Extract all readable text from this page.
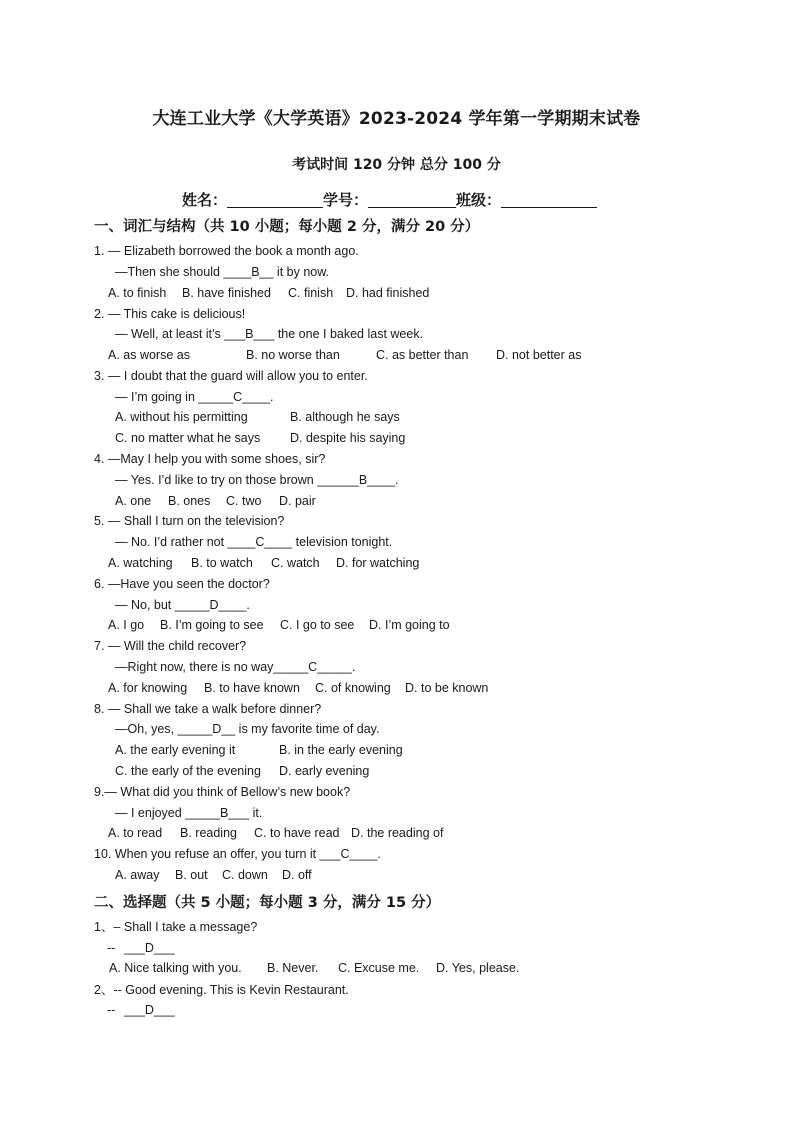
大连工业大学《大学英语》2023-2024 学年第一学期期末试卷
考试时间 120 分钟 总分 100 分
姓名：	学号：	班级：
一、词汇与结构（共 10 小题；每小题 2 分，满分 20 分）
1. — Elizabeth borrowed the book a month ago.
—Then she should ____B__ it by now.
A. to finish B. have finished C. finish D. had finished
2. — This cake is delicious!
— Well, at least it’s ___B___ the one I baked last week.
A. as worse as	B. no worse than	C. as better than D. not better as
3. — I doubt that the guard will allow you to enter.
— I’m going in _____C____.
A. without his permitting	B. although he says
C. no matter what he says D. despite his saying
4. —May I help you with some shoes, sir?
— Yes. I’d like to try on those brown ______B____.
A. one B. ones C. two D. pair
5. — Shall I turn on the television?
— No. I’d rather not ____C____ television tonight.
A. watching B. to watch C. watch D. for watching
6. —Have you seen the doctor?
— No, but _____D____.
A. I go B. I’m going to see C. I go to see D. I’m going to
7. — Will the child recover?
—Right now, there is no way_____C_____.
A. for knowing B. to have known C. of knowing D. to be known
8. — Shall we take a walk before dinner?
—Oh, yes, _____D__ is my favorite time of day.
A. the early evening it	B. in the early evening
C. the early of the evening D. early evening
9.— What did you think of Bellow’s new book?
— I enjoyed _____B___ it.
A. to read B. reading C. to have read D. the reading of
10. When you refuse an offer, you turn it ___C____.
A. away B. out C. down D. off
二、选择题（共 5 小题；每小题 3 分，满分 15 分）
1、– Shall I take a message?
-- ___D___
A. Nice talking with you. B. Never. C. Excuse me. D. Yes, please.
2、-- Good evening. This is Kevin Restaurant.
-- ___D___
